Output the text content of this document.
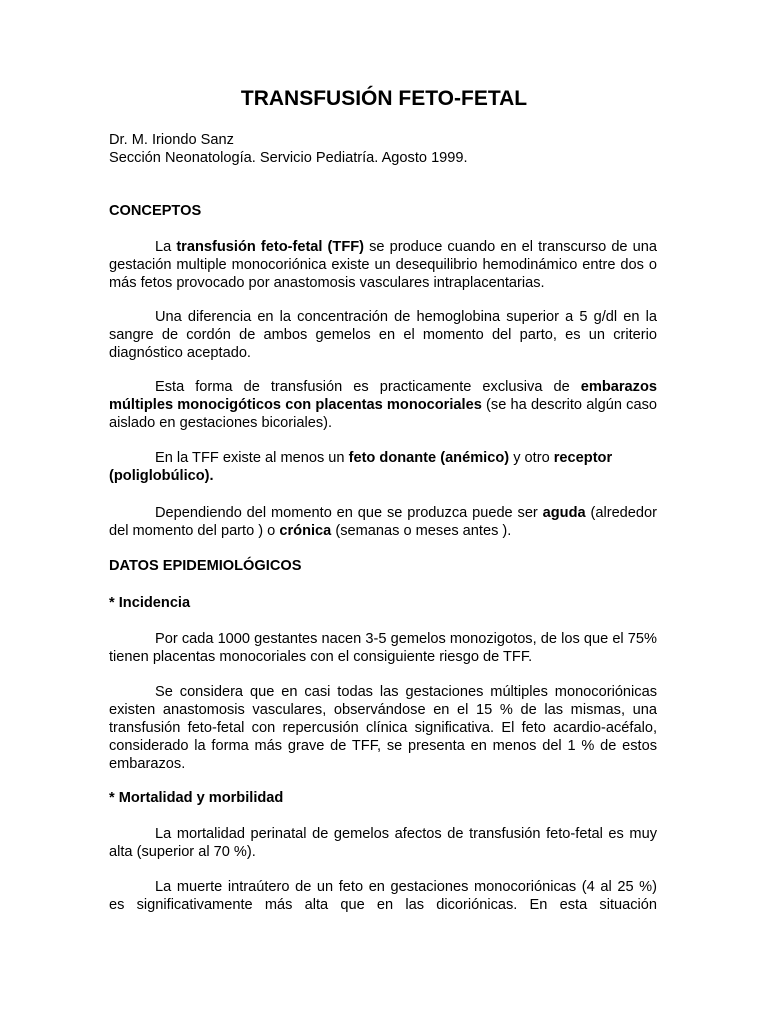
TRANSFUSIÓN FETO-FETAL

Dr. M. Iriondo Sanz

Sección Neonatología. Servicio Pediatría. Agosto 1999.

CONCEPTOS

La transfusión feto-fetal (TFF) se produce cuando en el transcurso de una gestación multiple monocoriónica existe un desequilibrio hemodinámico entre dos o más fetos provocado por anastomosis vasculares intraplacentarias.

Una diferencia en la concentración de hemoglobina superior a 5 g/dl en la sangre de cordón de ambos gemelos en el momento del parto, es un criterio diagnóstico aceptado.

Esta forma de transfusión es practicamente exclusiva de embarazos múltiples monocigóticos con placentas monocoriales (se ha descrito algún caso aislado en gestaciones bicoriales).

En la TFF existe al menos un feto donante (anémico) y otro receptor (poliglobúlico).

Dependiendo del momento en que se produzca puede ser aguda (alrededor del momento del parto ) o crónica (semanas o meses antes ).

DATOS EPIDEMIOLÓGICOS

* Incidencia

Por cada 1000 gestantes nacen 3-5 gemelos monozigotos, de los que el 75% tienen placentas monocoriales con el consiguiente riesgo de TFF.

Se considera que en casi todas las gestaciones múltiples monocoriónicas existen anastomosis vasculares, observándose en el 15 % de las mismas, una transfusión feto-fetal con repercusión clínica significativa. El feto acardio-acéfalo, considerado la forma más grave de TFF, se presenta en menos del 1 % de estos embarazos.

* Mortalidad y morbilidad

La mortalidad perinatal de gemelos afectos de transfusión feto-fetal es muy alta (superior al 70 %).

La muerte intraútero de un feto en gestaciones monocoriónicas (4 al 25 %) es significativamente más alta que en las dicoriónicas. En esta situación
